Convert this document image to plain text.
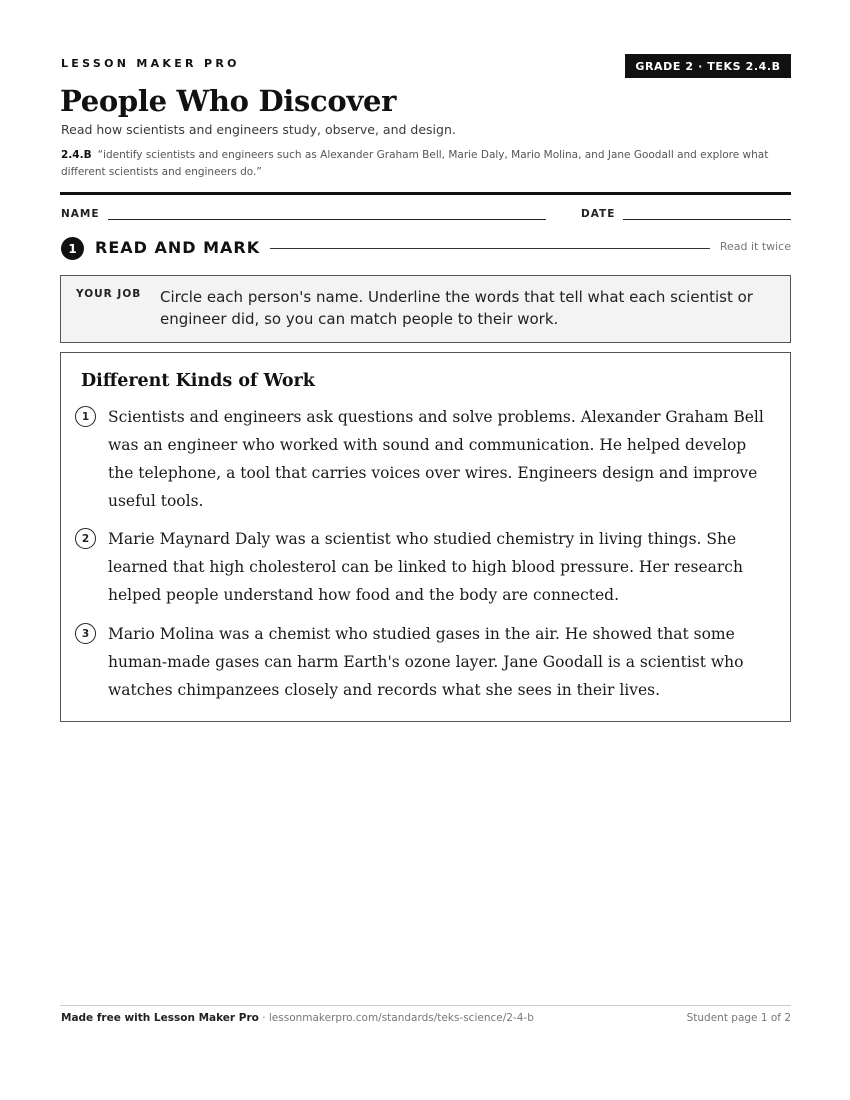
LESSON MAKER PRO	GRADE 2 · TEKS 2.4.B
People Who Discover
Read how scientists and engineers study, observe, and design.
2.4.B “identify scientists and engineers such as Alexander Graham Bell, Marie Daly, Mario Molina, and Jane Goodall and explore what different scientists and engineers do.”
NAME	DATE
1	READ AND MARK	Read it twice
YOUR JOB Circle each person's name. Underline the words that tell what each scientist or engineer did, so you can match people to their work.
Different Kinds of Work
1	Scientists and engineers ask questions and solve problems. Alexander Graham Bell was an engineer who worked with sound and communication. He helped develop the telephone, a tool that carries voices over wires. Engineers design and improve useful tools.

2	Marie Maynard Daly was a scientist who studied chemistry in living things. She learned that high cholesterol can be linked to high blood pressure. Her research helped people understand how food and the body are connected.

3	Mario Molina was a chemist who studied gases in the air. He showed that some human-made gases can harm Earth's ozone layer. Jane Goodall is a scientist who watches chimpanzees closely and records what she sees in their lives.

Made free with Lesson Maker Pro · lessonmakerpro.com/standards/teks-science/2-4-b	Student page 1 of 2
